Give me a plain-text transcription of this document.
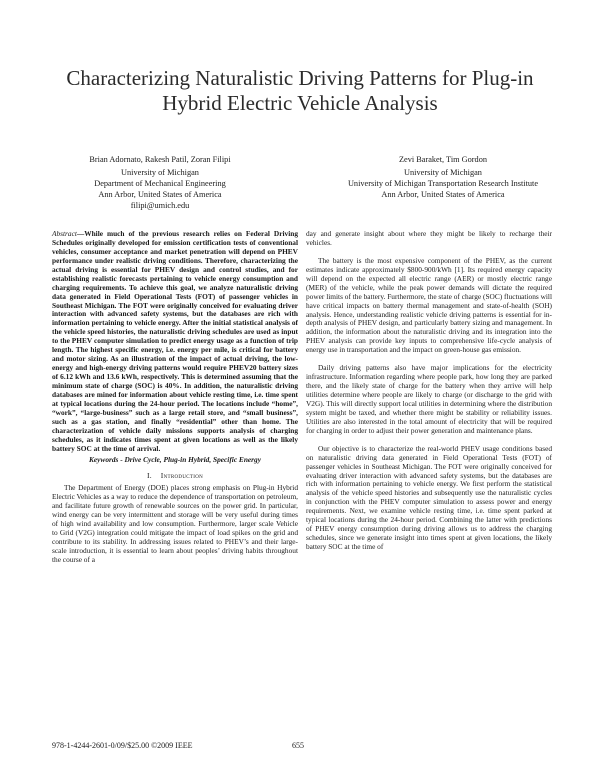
Characterizing Naturalistic Driving Patterns for Plug-in Hybrid Electric Vehicle Analysis
Brian Adornato, Rakesh Patil, Zoran Filipi
University of Michigan
Department of Mechanical Engineering
Ann Arbor, United States of America
filipi@umich.edu
Zevi Baraket, Tim Gordon
University of Michigan
University of Michigan Transportation Research Institute
Ann Arbor, United States of America

Abstract—While much of the previous research relies on Federal Driving Schedules originally developed for emission certification tests of conventional vehicles, consumer acceptance and market penetration will depend on PHEV performance under realistic driving conditions. Therefore, characterizing the actual driving is essential for PHEV design and control studies, and for establishing realistic forecasts pertaining to vehicle energy consumption and charging requirements. To achieve this goal, we analyze naturalistic driving data generated in Field Operational Tests (FOT) of passenger vehicles in Southeast Michigan. The FOT were originally conceived for evaluating driver interaction with advanced safety systems, but the databases are rich with information pertaining to vehicle energy. After the initial statistical analysis of the vehicle speed histories, the naturalistic driving schedules are used as input to the PHEV computer simulation to predict energy usage as a function of trip length. The highest specific energy, i.e. energy per mile, is critical for battery and motor sizing. As an illustration of the impact of actual driving, the low-energy and high-energy driving patterns would require PHEV20 battery sizes of 6.12 kWh and 13.6 kWh, respectively. This is determined assuming that the minimum state of charge (SOC) is 40%. In addition, the naturalistic driving databases are mined for information about vehicle resting time, i.e. time spent at typical locations during the 24-hour period. The locations include “home”, “work”, “large-business” such as a large retail store, and “small business”, such as a gas station, and finally “residential” other than home. The characterization of vehicle daily missions supports analysis of charging schedules, as it indicates times spent at given locations as well as the likely battery SOC at the time of arrival.

Keywords - Drive Cycle, Plug-in Hybrid, Specific Energy

I. Introduction

The Department of Energy (DOE) places strong emphasis on Plug-in Hybrid Electric Vehicles as a way to reduce the dependence of transportation on petroleum, and facilitate future growth of renewable sources on the power grid. In particular, wind energy can be very intermittent and storage will be very useful during times of high wind availability and low consumption. Furthermore, larger scale Vehicle to Grid (V2G) integration could mitigate the impact of load spikes on the grid and contribute to its stability. In addressing issues related to PHEV’s and their large-scale introduction, it is essential to learn about peoples’ driving habits throughout the course of a

day and generate insight about where they might be likely to recharge their vehicles.

The battery is the most expensive component of the PHEV, as the current estimates indicate approximately $800-900/kWh [1]. Its required energy capacity will depend on the expected all electric range (AER) or mostly electric range (MER) of the vehicle, while the peak power demands will dictate the required power limits of the battery. Furthermore, the state of charge (SOC) fluctuations will have critical impacts on battery thermal management and state-of-health (SOH) analysis. Hence, understanding realistic vehicle driving patterns is essential for in-depth analysis of PHEV design, and particularly battery sizing and management. In addition, the information about the naturalistic driving and its integration into the PHEV analysis can provide key inputs to comprehensive life-cycle analysis of energy use in transportation and the impact on green-house gas emission.

Daily driving patterns also have major implications for the electricity infrastructure. Information regarding where people park, how long they are parked there, and the likely state of charge for the battery when they arrive will help utilities determine where people are likely to charge (or discharge to the grid with V2G). This will directly support local utilities in determining where the distribution system might be taxed, and whether there might be stability or reliability issues. Utilities are also interested in the total amount of electricity that will be required for charging in order to adjust their power generation and maintenance plans.

Our objective is to characterize the real-world PHEV usage conditions based on naturalistic driving data generated in Field Operational Tests (FOT) of passenger vehicles in Southeast Michigan. The FOT were originally conceived for evaluating driver interaction with advanced safety systems, but the databases are rich with information pertaining to vehicle energy. We first perform the statistical analysis of the vehicle speed histories and subsequently use the naturalistic cycles in conjunction with the PHEV computer simulation to assess power and energy requirements. Next, we examine vehicle resting time, i.e. time spent parked at typical locations during the 24-hour period. Combining the latter with predictions of PHEV energy consumption during driving allows us to address the charging schedules, since we generate insight into times spent at given locations, the likely battery SOC at the time of

978-1-4244-2601-0/09/$25.00 ©2009 IEEE	655
